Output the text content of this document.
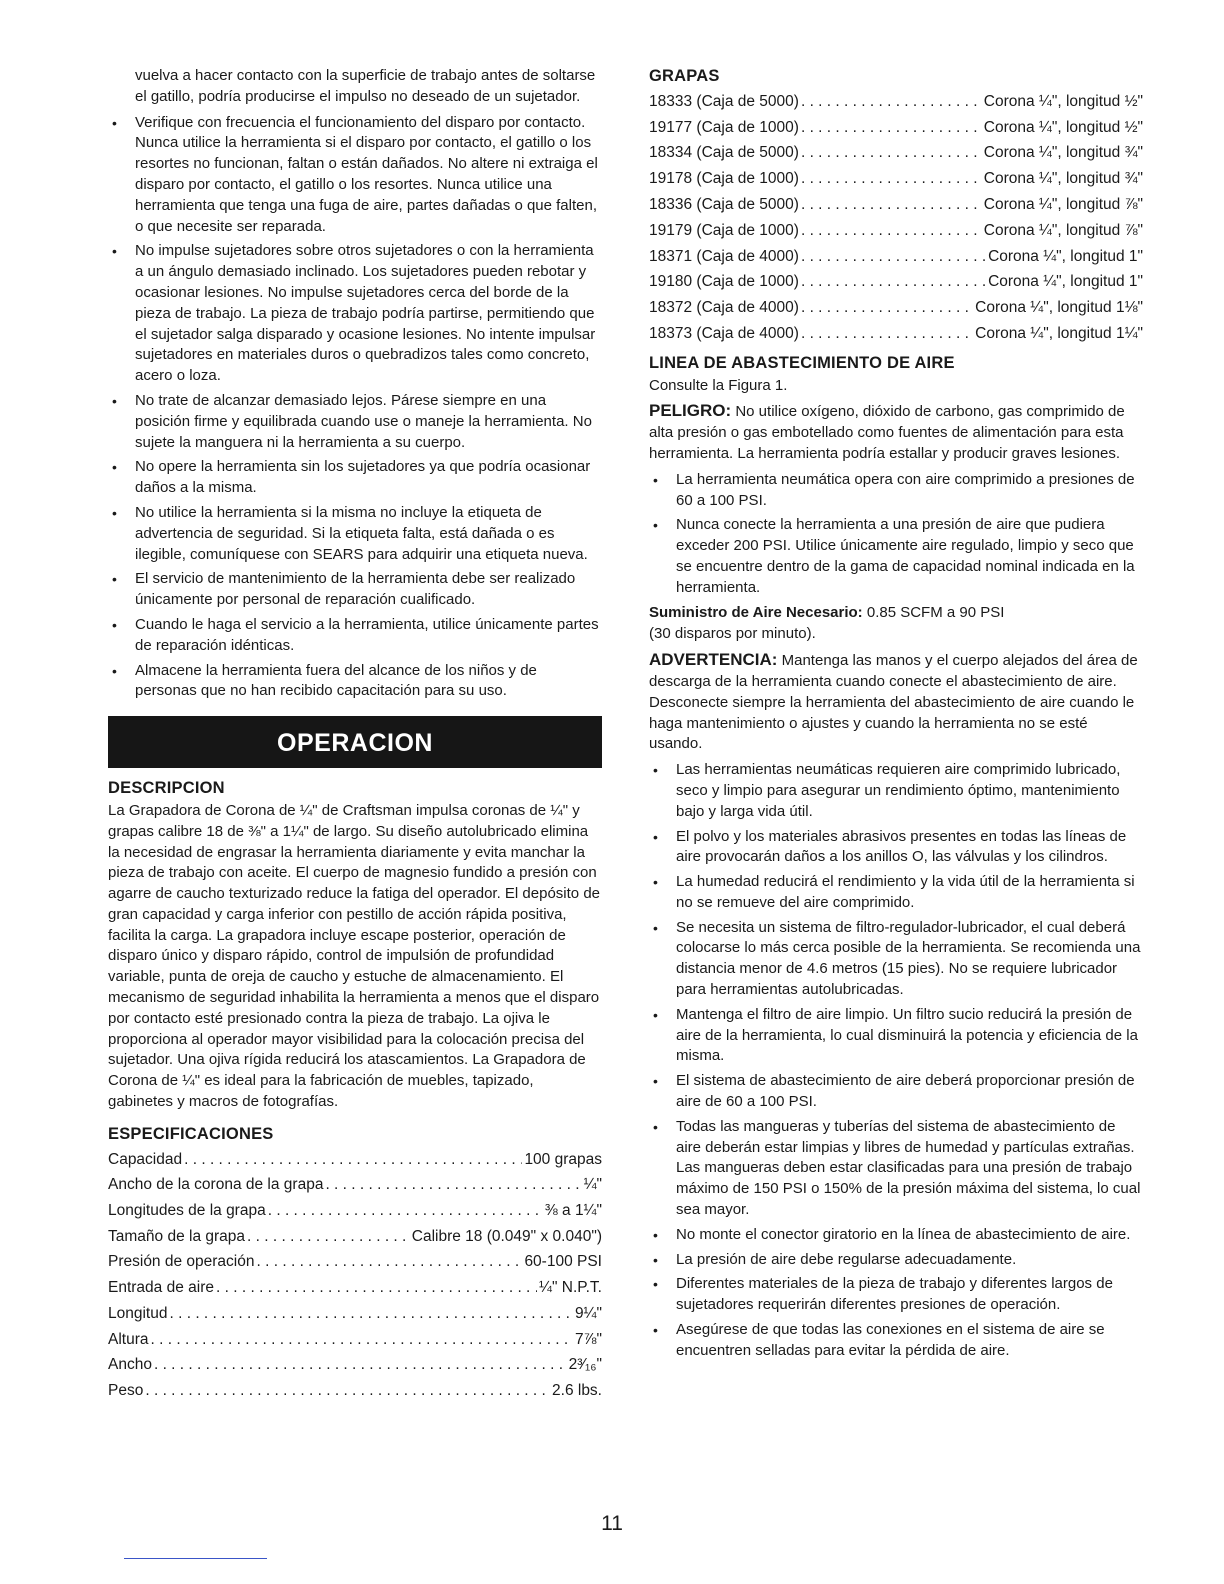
vuelva a hacer contacto con la superficie de trabajo antes de soltarse el gatillo, podría producirse el impulso no deseado de un sujetador.

• Verifique con frecuencia el funcionamiento del disparo por contacto. Nunca utilice la herramienta si el disparo por contacto, el gatillo o los resortes no funcionan, faltan o están dañados. No altere ni extraiga el disparo por contacto, el gatillo o los resortes. Nunca utilice una herramienta que tenga una fuga de aire, partes dañadas o que falten, o que necesite ser reparada.
• No impulse sujetadores sobre otros sujetadores o con la herramienta a un ángulo demasiado inclinado. Los sujetadores pueden rebotar y ocasionar lesiones. No impulse sujetadores cerca del borde de la pieza de trabajo. La pieza de trabajo podría partirse, permitiendo que el sujetador salga disparado y ocasione lesiones. No intente impulsar sujetadores en materiales duros o quebradizos tales como concreto, acero o loza.
• No trate de alcanzar demasiado lejos. Párese siempre en una posición firme y equilibrada cuando use o maneje la herramienta. No sujete la manguera ni la herramienta a su cuerpo.
• No opere la herramienta sin los sujetadores ya que podría ocasionar daños a la misma.
• No utilice la herramienta si la misma no incluye la etiqueta de advertencia de seguridad. Si la etiqueta falta, está dañada o es ilegible, comuníquese con SEARS para adquirir una etiqueta nueva.
• El servicio de mantenimiento de la herramienta debe ser realizado únicamente por personal de reparación cualificado.
• Cuando le haga el servicio a la herramienta, utilice únicamente partes de reparación idénticas.
• Almacene la herramienta fuera del alcance de los niños y de personas que no han recibido capacitación para su uso.
OPERACION
DESCRIPCION

La Grapadora de Corona de ¼" de Craftsman impulsa coronas de ¼" y grapas calibre 18 de ⅜" a 1¼" de largo. Su diseño autolubricado elimina la necesidad de engrasar la herramienta diariamente y evita manchar la pieza de trabajo con aceite. El cuerpo de magnesio fundido a presión con agarre de caucho texturizado reduce la fatiga del operador. El depósito de gran capacidad y carga inferior con pestillo de acción rápida positiva, facilita la carga. La grapadora incluye escape posterior, operación de disparo único y disparo rápido, control de impulsión de profundidad variable, punta de oreja de caucho y estuche de almacenamiento. El mecanismo de seguridad inhabilita la herramienta a menos que el disparo por contacto esté presionado contra la pieza de trabajo. La ojiva le proporciona al operador mayor visibilidad para la colocación precisa del sujetador. Una ojiva rígida reducirá los atascamientos. La Grapadora de Corona de ¼" es ideal para la fabricación de muebles, tapizado, gabinetes y macros de fotografías.

ESPECIFICACIONES
Capacidad . . .	100 grapas
Ancho de la corona de la grapa . . .	¼"
Longitudes de la grapa . . .	⅜ a 1¼"
Tamaño de la grapa . . .	Calibre 18 (0.049" x 0.040")
Presión de operación . . .	60-100 PSI
Entrada de aire . . .	¼" N.P.T.
Longitud . . .	9¼"
Altura . . .	7⅞"
Ancho . . .	2³⁄₁₆"
Peso . . .	2.6 lbs.
GRAPAS
18333 (Caja de 5000) . . .	Corona ¼", longitud ½"
19177 (Caja de 1000) . . .	Corona ¼", longitud ½"
18334 (Caja de 5000) . . .	Corona ¼", longitud ¾"
19178 (Caja de 1000) . . .	Corona ¼", longitud ¾"
18336 (Caja de 5000) . . .	Corona ¼", longitud ⅞"
19179 (Caja de 1000) . . .	Corona ¼", longitud ⅞"
18371 (Caja de 4000) . . .	Corona ¼", longitud 1"
19180 (Caja de 1000) . . .	Corona ¼", longitud 1"
18372 (Caja de 4000) . . .	Corona ¼", longitud 1⅛"
18373 (Caja de 4000) . . .	Corona ¼", longitud 1¼"
LINEA DE ABASTECIMIENTO DE AIRE

Consulte la Figura 1.

PELIGRO: No utilice oxígeno, dióxido de carbono, gas comprimido de alta presión o gas embotellado como fuentes de alimentación para esta herramienta. La herramienta podría estallar y producir graves lesiones.

• La herramienta neumática opera con aire comprimido a presiones de 60 a 100 PSI.
• Nunca conecte la herramienta a una presión de aire que pudiera exceder 200 PSI. Utilice únicamente aire regulado, limpio y seco que se encuentre dentro de la gama de capacidad nominal indicada en la herramienta.

Suministro de Aire Necesario: 0.85 SCFM a 90 PSI

(30 disparos por minuto).

ADVERTENCIA: Mantenga las manos y el cuerpo alejados del área de descarga de la herramienta cuando conecte el abastecimiento de aire. Desconecte siempre la herramienta del abastecimiento de aire cuando le haga mantenimiento o ajustes y cuando la herramienta no se esté usando.

• Las herramientas neumáticas requieren aire comprimido lubricado, seco y limpio para asegurar un rendimiento óptimo, mantenimiento bajo y larga vida útil.
• El polvo y los materiales abrasivos presentes en todas las líneas de aire provocarán daños a los anillos O, las válvulas y los cilindros.
• La humedad reducirá el rendimiento y la vida útil de la herramienta si no se remueve del aire comprimido.
• Se necesita un sistema de filtro-regulador-lubricador, el cual deberá colocarse lo más cerca posible de la herramienta. Se recomienda una distancia menor de 4.6 metros (15 pies). No se requiere lubricador para herramientas autolubricadas.
• Mantenga el filtro de aire limpio. Un filtro sucio reducirá la presión de aire de la herramienta, lo cual disminuirá la potencia y eficiencia de la misma.
• El sistema de abastecimiento de aire deberá proporcionar presión de aire de 60 a 100 PSI.
• Todas las mangueras y tuberías del sistema de abastecimiento de aire deberán estar limpias y libres de humedad y partículas extrañas. Las mangueras deben estar clasificadas para una presión de trabajo máximo de 150 PSI o 150% de la presión máxima del sistema, lo cual sea mayor.
• No monte el conector giratorio en la línea de abastecimiento de aire.
• La presión de aire debe regularse adecuadamente.
• Diferentes materiales de la pieza de trabajo y diferentes largos de sujetadores requerirán diferentes presiones de operación.
• Asegúrese de que todas las conexiones en el sistema de aire se encuentren selladas para evitar la pérdida de aire.
11
